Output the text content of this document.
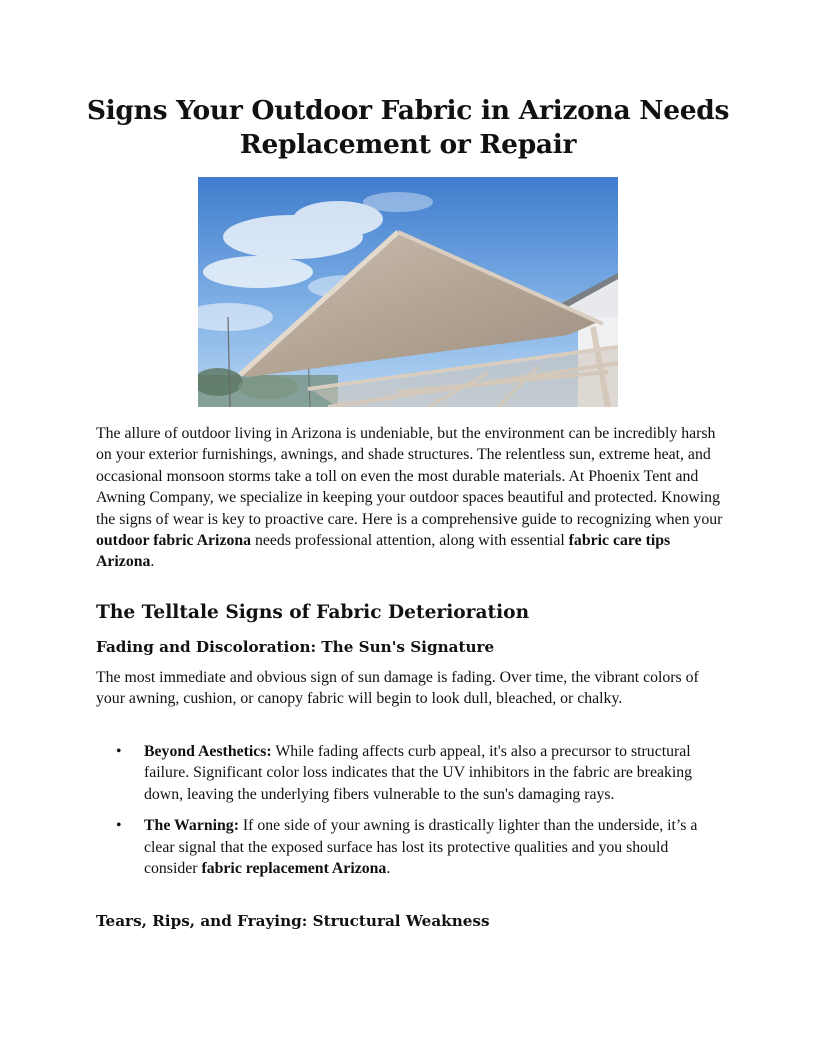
Signs Your Outdoor Fabric in Arizona Needs Replacement or Repair

The allure of outdoor living in Arizona is undeniable, but the environment can be incredibly harsh on your exterior furnishings, awnings, and shade structures. The relentless sun, extreme heat, and occasional monsoon storms take a toll on even the most durable materials. At Phoenix Tent and Awning Company, we specialize in keeping your outdoor spaces beautiful and protected. Knowing the signs of wear is key to proactive care. Here is a comprehensive guide to recognizing when your outdoor fabric Arizona needs professional attention, along with essential fabric care tips Arizona.

The Telltale Signs of Fabric Deterioration
Fading and Discoloration: The Sun's Signature

The most immediate and obvious sign of sun damage is fading. Over time, the vibrant colors of your awning, cushion, or canopy fabric will begin to look dull, bleached, or chalky.

• Beyond Aesthetics: While fading affects curb appeal, it's also a precursor to structural failure. Significant color loss indicates that the UV inhibitors in the fabric are breaking down, leaving the underlying fibers vulnerable to the sun's damaging rays.
• The Warning: If one side of your awning is drastically lighter than the underside, it’s a clear signal that the exposed surface has lost its protective qualities and you should consider fabric replacement Arizona.
Tears, Rips, and Fraying: Structural Weakness
